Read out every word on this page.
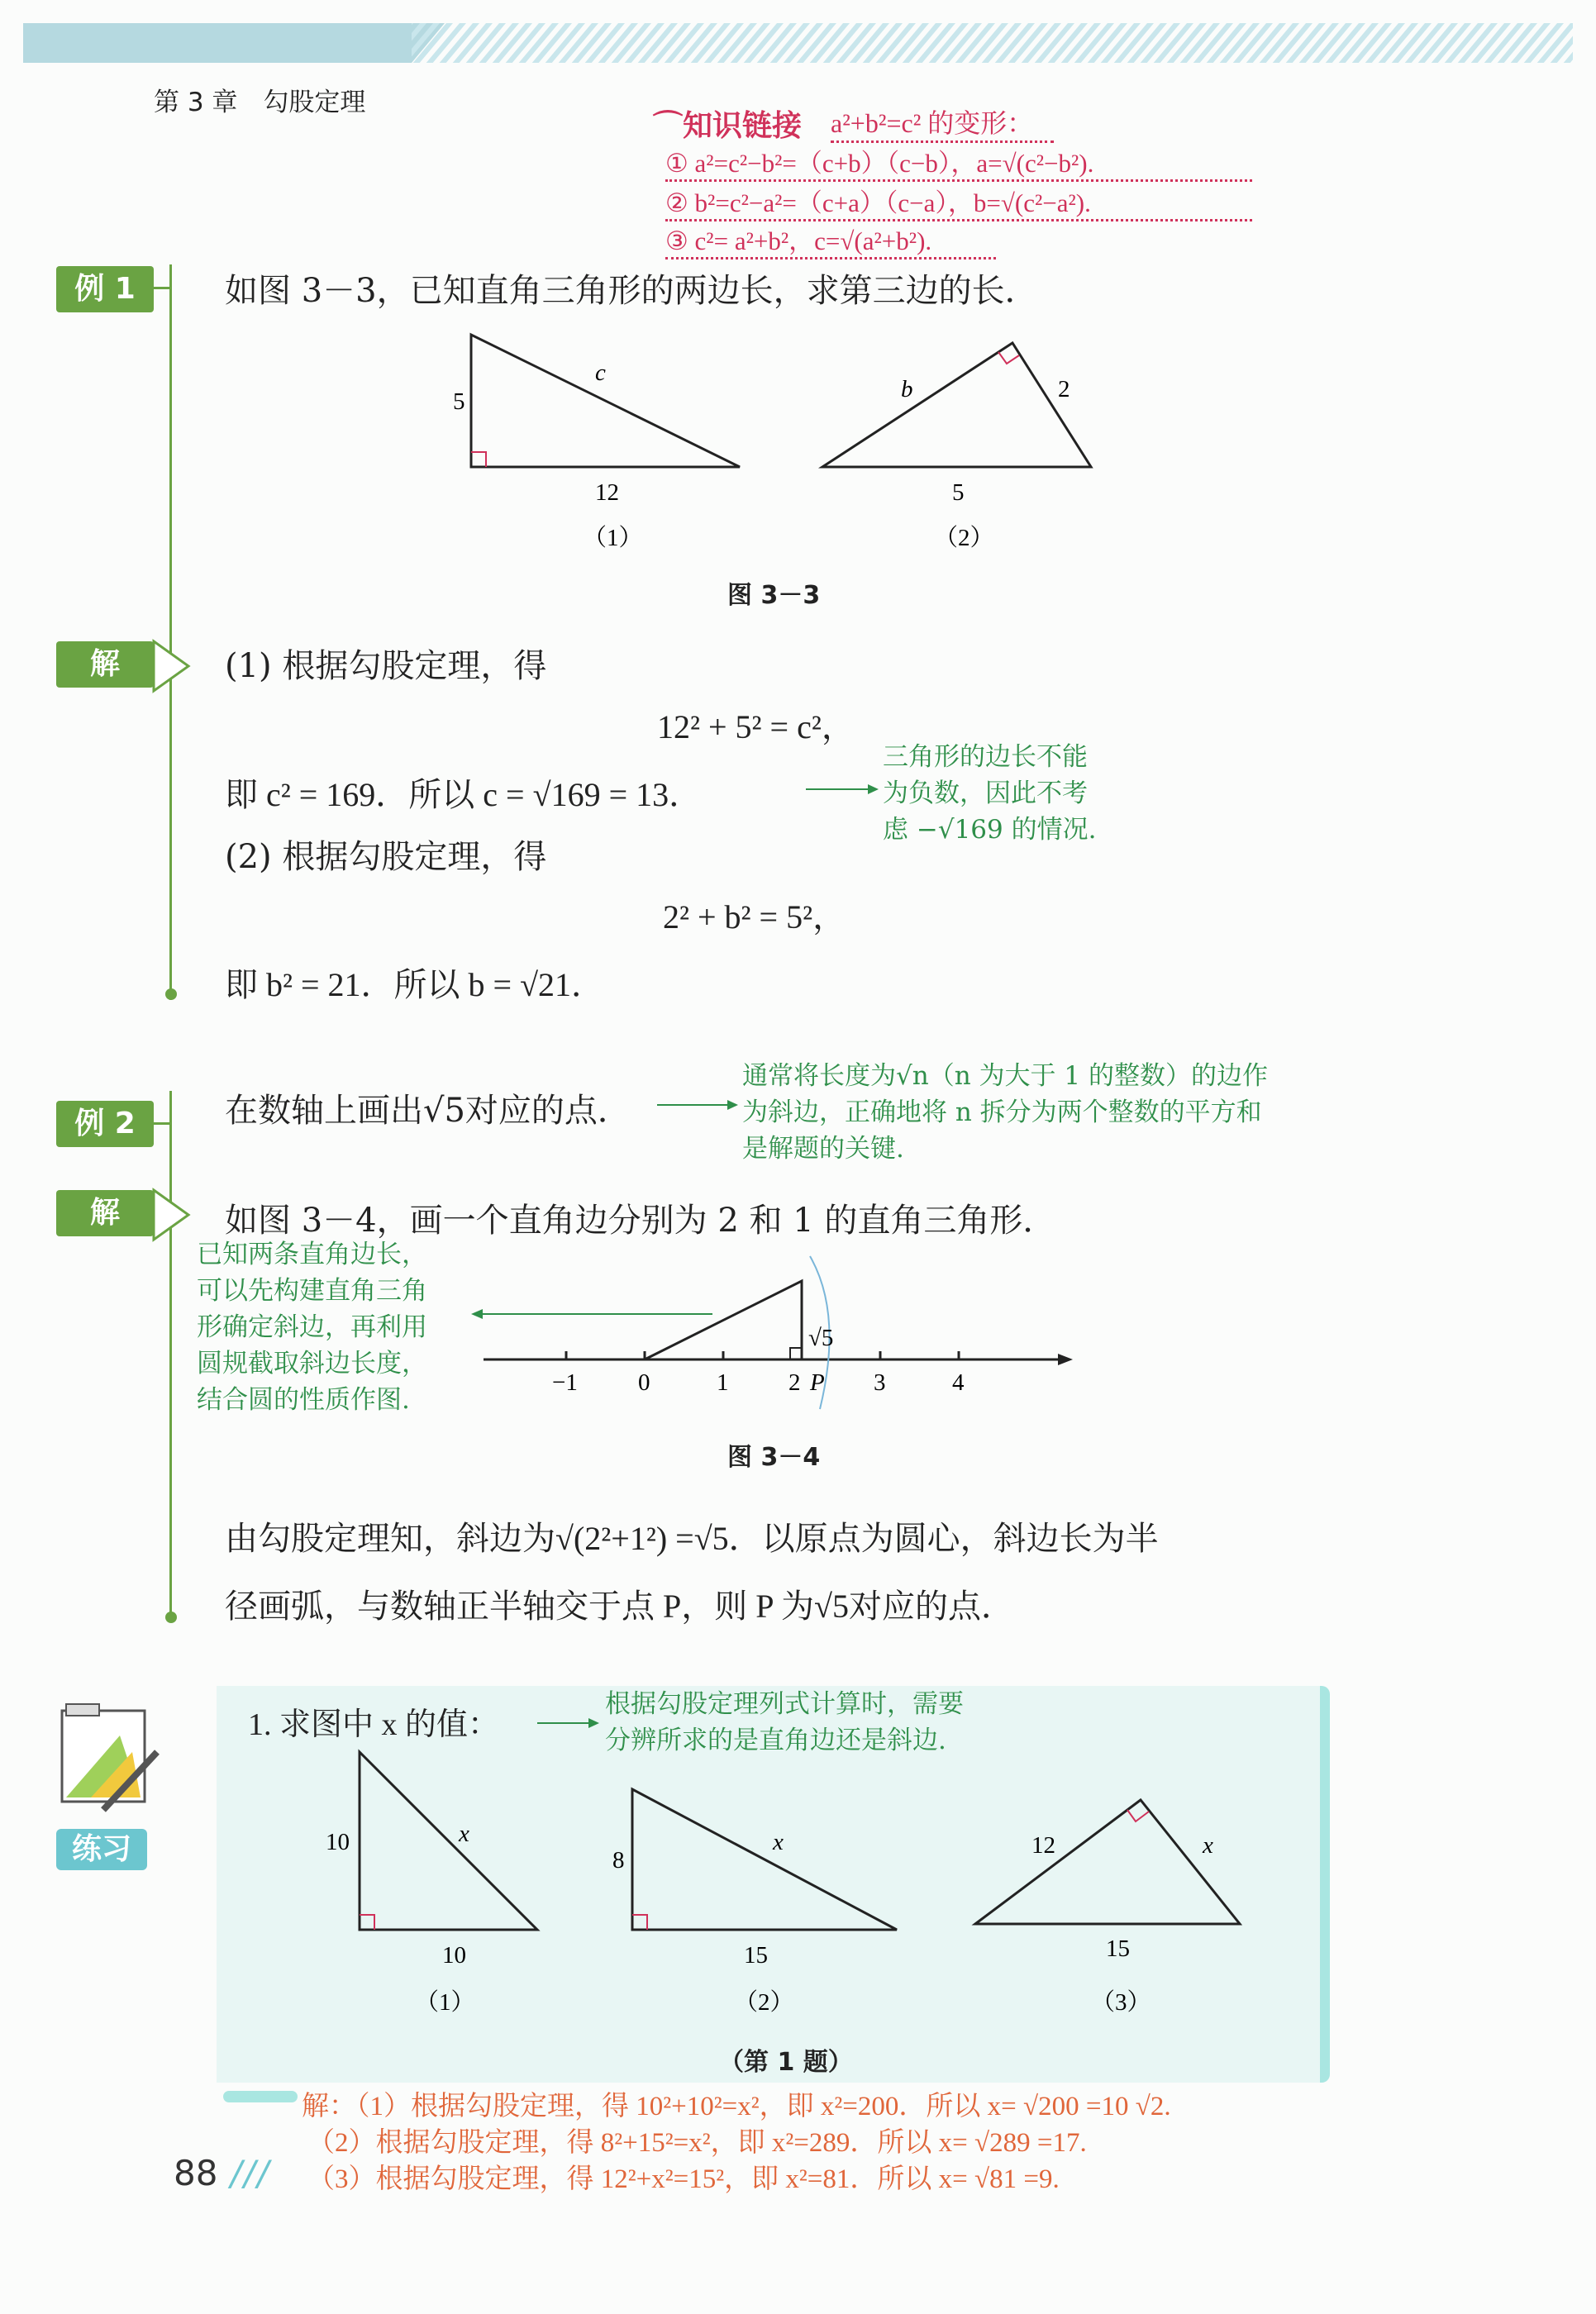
第 3 章　勾股定理
⌒知识链接 a²+b²=c² 的变形：
① a²=c²−b²=（c+b）（c−b），a=√(c²−b²).
② b²=c²−a²=（c+a）（c−a），b=√(c²−a²).
③ c²= a²+b²，c=√(a²+b²).
例 1	如图 3－3，已知直角三角形的两边长，求第三边的长．
5
12
c
（1）
b	2
5
（2）
图 3－3
解	(1) 根据勾股定理，得
12² + 5² = c²，
即 c² = 169．所以 c = √169 = 13．
三角形的边长不能
为负数，因此不考
虑 −√169 的情况.
(2) 根据勾股定理，得
2² + b² = 5²，
即 b² = 21．所以 b = √21．
例 2	在数轴上画出√5对应的点．
通常将长度为√n（n 为大于 1 的整数）的边作
为斜边，正确地将 n 拆分为两个整数的平方和
是解题的关键.
解	如图 3－4，画一个直角边分别为 2 和 1 的直角三角形．
已知两条直角边长，
可以先构建直角三角
形确定斜边，再利用
圆规截取斜边长度，
结合圆的性质作图.
−1	0	1	2	3	4
P
√5
图 3－4
由勾股定理知，斜边为√(2²+1²) =√5．以原点为圆心，斜边长为半
径画弧，与数轴正半轴交于点 P，则 P 为√5对应的点．
练习
1. 求图中 x 的值：
根据勾股定理列式计算时，需要
分辨所求的是直角边还是斜边.
10
10
x
（1）
8
15
x
（2）
12
15
x
（3）
（第 1 题）
解：（1）根据勾股定理，得 10²+10²=x²，即 x²=200．所以 x= √200 =10 √2.
（2）根据勾股定理，得 8²+15²=x²，即 x²=289．所以 x= √289 =17.
（3）根据勾股定理，得 12²+x²=15²，即 x²=81．所以 x= √81 =9.
88 ///
